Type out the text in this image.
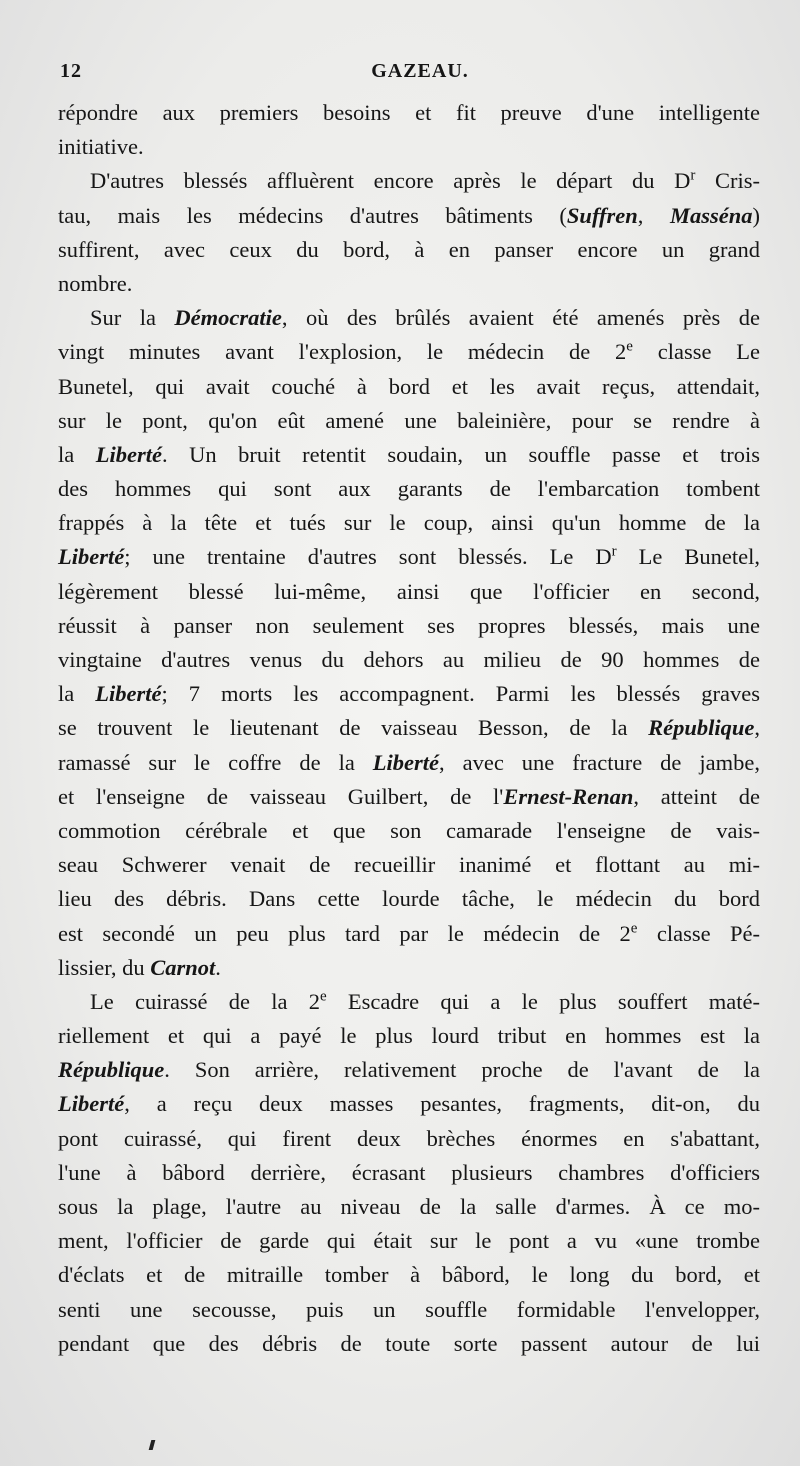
12	GAZEAU.
répondre aux premiers besoins et fit preuve d'une intelligente
initiative.
D'autres blessés affluèrent encore après le départ du $D^r$ Cris-
tau, mais les médecins d'autres bâtiments (Suffren, Masséna)
suffirent, avec ceux du bord, à en panser encore un grand
nombre.
Sur la Démocratie, où des brûlés avaient été amenés près de
vingt minutes avant l'explosion, le médecin de 2e classe Le
Bunetel, qui avait couché à bord et les avait reçus, attendait,
sur le pont, qu'on eût amené une baleinière, pour se rendre à
la Liberté. Un bruit retentit soudain, un souffle passe et trois
des hommes qui sont aux garants de l'embarcation tombent
frappés à la tête et tués sur le coup, ainsi qu'un homme de la
Liberté; une trentaine d'autres sont blessés. Le $D^r$ Le Bunetel,
légèrement blessé lui-même, ainsi que l'officier en second,
réussit à panser non seulement ses propres blessés, mais une
vingtaine d'autres venus du dehors au milieu de 90 hommes de
la Liberté; 7 morts les accompagnent. Parmi les blessés graves
se trouvent le lieutenant de vaisseau Besson, de la République,
ramassé sur le coffre de la Liberté, avec une fracture de jambe,
et l'enseigne de vaisseau Guilbert, de l'Ernest-Renan, atteint de
commotion cérébrale et que son camarade l'enseigne de vais-
seau Schwerer venait de recueillir inanimé et flottant au mi-
lieu des débris. Dans cette lourde tâche, le médecin du bord
est secondé un peu plus tard par le médecin de 2e classe Pé-
lissier, du Carnot.
Le cuirassé de la 2e Escadre qui a le plus souffert maté-
riellement et qui a payé le plus lourd tribut en hommes est la
République. Son arrière, relativement proche de l'avant de la
Liberté, a reçu deux masses pesantes, fragments, dit-on, du
pont cuirassé, qui firent deux brèches énormes en s'abattant,
l'une à bâbord derrière, écrasant plusieurs chambres d'officiers
sous la plage, l'autre au niveau de la salle d'armes. À ce mo-
ment, l'officier de garde qui était sur le pont a vu «une trombe
d'éclats et de mitraille tomber à bâbord, le long du bord, et
senti une secousse, puis un souffle formidable l'envelopper,
pendant que des débris de toute sorte passent autour de lui
